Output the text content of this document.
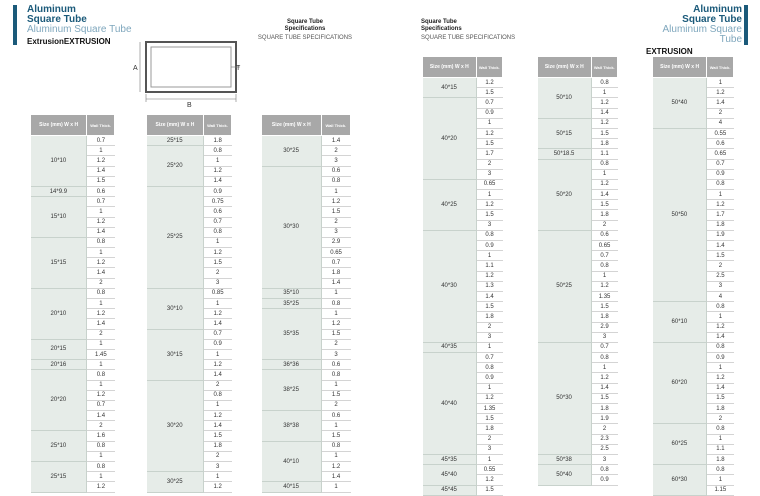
Aluminum
Square Tube
Aluminum Square Tube
ExtrusionEXTRUSION
Aluminum
Square Tube
Aluminum Square Tube
EXTRUSION
Square Tube
Specifications
SQUARE TUBE SPECIFICATIONS
Square Tube
Specifications
SQUARE TUBE SPECIFICATIONS
A
B
T
Size (mm) W x H	Wall Thick.
10*10	0.7
	1
	1.2
	1.4
	1.5
14*9.9	0.6
15*10	0.7
	1
	1.2
	1.4
15*15	0.8
	1
	1.2
	1.4
	2
20*10	0.8
	1
	1.2
	1.4
	2
20*15	1
	1.45
20*16	1
20*20	0.8
	1
	1.2
	0.7
	1.4
	2
25*10	1.6
	0.8
	1
25*15	0.8
	1
	1.2
Size (mm) W x H	Wall Thick.
25*15	1.8
25*20	0.8
	1
	1.2
	1.4
25*25	0.9
	0.75
	0.6
	0.7
	0.8
	1
	1.2
	1.5
	2
	3
30*10	0.85
	1
	1.2
	1.4
30*15	0.7
	0.9
	1
	1.2
	1.4
30*20	2
	0.8
	1
	1.2
	1.4
	1.5
	1.8
	2
	3
30*25	1
	1.2
Size (mm) W x H	Wall Thick.
30*25	1.4
	2
	3
30*30	0.6
	0.8
	1
	1.2
	1.5
	2
	3
	2.9
	0.65
	0.7
	1.8
	1.4
35*10	1
35*25	0.8
35*35	1
	1.2
	1.5
	2
	3
36*36	0.6
38*25	0.8
	1
	1.5
	2
38*38	0.6
	1
	1.5
40*10	0.8
	1
	1.2
	1.4
40*15	1
Size (mm) W x H	Wall Thick.
40*15	1.2
	1.5
40*20	0.7
	0.9
	1
	1.2
	1.5
	1.7
	2
	3
40*25	0.65
	1
	1.2
	1.5
	3
40*30	0.8
	0.9
	1
	1.1
	1.2
	1.3
	1.4
	1.5
	1.8
	2
	3
40*35	1
40*40	0.7
	0.8
	0.9
	1
	1.2
	1.35
	1.5
	1.8
	2
	3
45*35	1
45*40	0.55
	1.2
45*45	1.5
Size (mm) W x H	Wall Thick.
50*10	0.8
	1
	1.2
	1.4
50*15	1.2
	1.5
	1.8
50*18.5	1.1
50*20	0.8
	1
	1.2
	1.4
	1.5
	1.8
	2
50*25	0.6
	0.65
	0.7
	0.8
	1
	1.2
	1.35
	1.5
	1.8
	2.9
	3
50*30	0.7
	0.8
	1
	1.2
	1.4
	1.5
	1.8
	1.9
	2
	2.3
	2.5
50*38	3
50*40	0.8
	0.9
Size (mm) W x H	Wall Thick.
50*40	1
	1.2
	1.4
	2
	4
50*50	0.55
	0.6
	0.65
	0.7
	0.9
	0.8
	1
	1.2
	1.7
	1.8
	1.9
	1.4
	1.5
	2
	2.5
	3
	4
60*10	0.8
	1
	1.2
	1.4
60*20	0.8
	0.9
	1
	1.2
	1.4
	1.5
	1.8
	2
60*25	0.8
	1
	1.1
	1.8
60*30	0.8
	1
	1.15
